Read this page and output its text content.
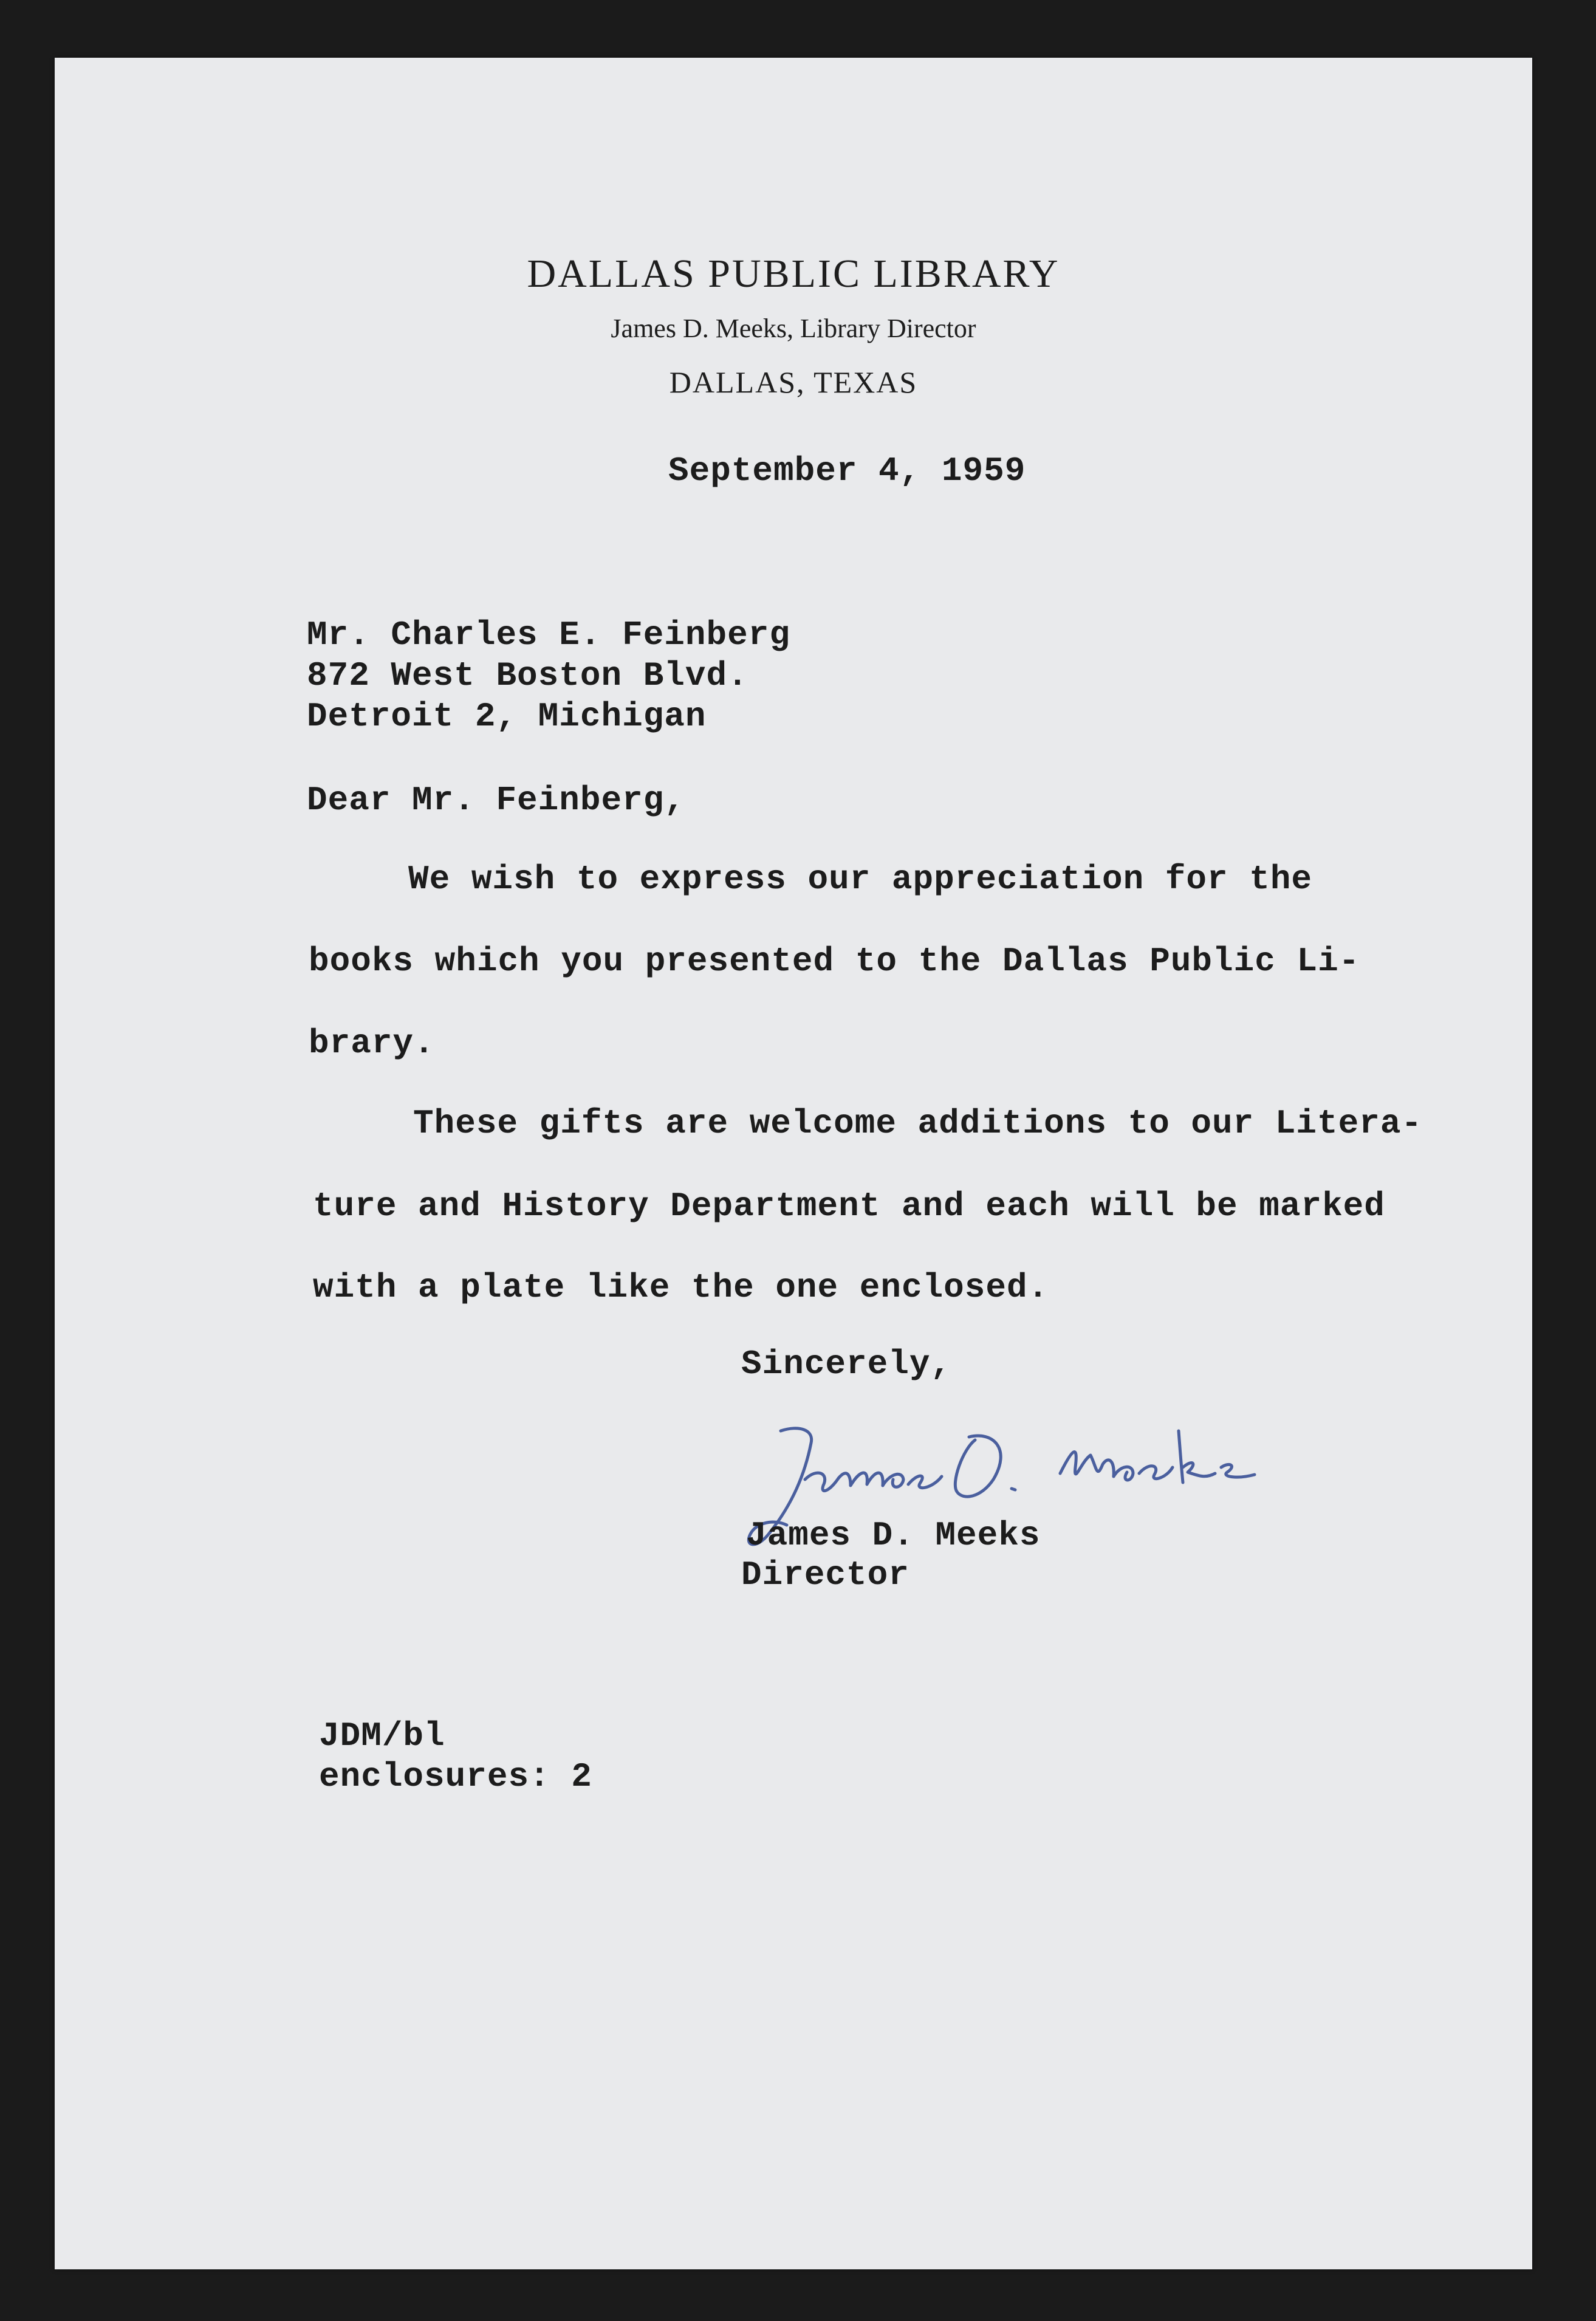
DALLAS PUBLIC LIBRARY
James D. Meeks, Library Director
DALLAS, TEXAS
September 4, 1959
Mr. Charles E. Feinberg
872 West Boston Blvd.
Detroit 2, Michigan
Dear Mr. Feinberg,
We wish to express our appreciation for the
books which you presented to the Dallas Public Li-
brary.
These gifts are welcome additions to our Litera-
ture and History Department and each will be marked
with a plate like the one enclosed.
Sincerely,
James D. Meeks
Director
JDM/bl
enclosures: 2
